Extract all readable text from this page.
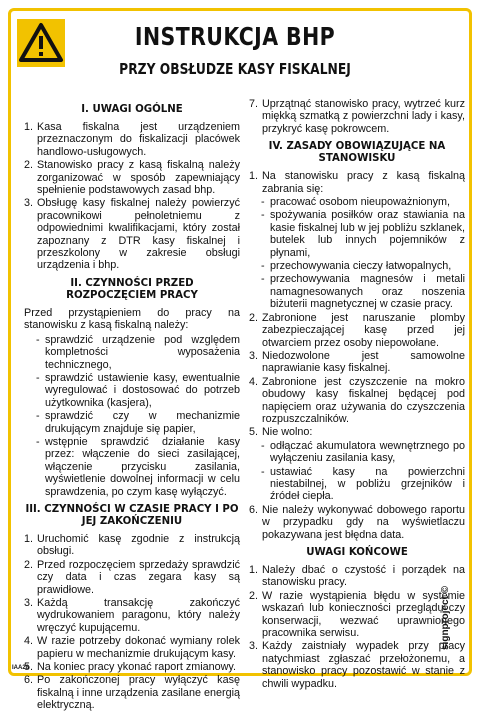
INSTRUKCJA BHP
PRZY OBSŁUDZE KASY FISKALNEJ
I. UWAGI OGÓLNE
1. Kasa fiskalna jest urządzeniem przeznaczonym do fiskalizacji placówek handlowo-usługowych.
2. Stanowisko pracy z kasą fiskalną należy zorganizować w sposób zapewniający spełnienie podstawowych zasad bhp.
3. Obsługę kasy fiskalnej należy powierzyć pracownikowi pełnoletniemu z odpowiednimi kwalifikacjami, który został zapoznany z DTR kasy fiskalnej i przeszkolony w zakresie obsługi urządzenia i bhp.
II. CZYNNOŚCI PRZED ROZPOCZĘCIEM PRACY
Przed przystąpieniem do pracy na stanowisku z kasą fiskalną należy:
- sprawdzić urządzenie pod względem kompletności wyposażenia technicznego,
- sprawdzić ustawienie kasy, ewentualnie wyregulować i dostosować do potrzeb użytkownika (kasjera),
- sprawdzić czy w mechanizmie drukującym znajduje się papier,
- wstępnie sprawdzić działanie kasy przez: włączenie do sieci zasilającej, włączenie przycisku zasilania, wyświetlenie dowolnej informacji w celu sprawdzenia, po czym kasę wyłączyć.
III. CZYNNOŚCI W CZASIE PRACY I PO JEJ ZAKOŃCZENIU
1. Uruchomić kasę zgodnie z instrukcją obsługi.
2. Przed rozpoczęciem sprzedaży sprawdzić czy data i czas zegara kasy są prawidłowe.
3. Każdą transakcję zakończyć wydrukowaniem paragonu, który należy wręczyć kupującemu.
4. W razie potrzeby dokonać wymiany rolek papieru w mechanizmie drukującym kasy.
5. Na koniec pracy ykonać raport zmianowy.
6. Po zakończonej pracy wyłączyć kasę fiskalną i inne urządzenia zasilane energią elektryczną.
7. Uprzątnąć stanowisko pracy, wytrzeć kurz miękką szmatką z powierzchni lady i kasy, przykryć kasę pokrowcem.
IV. ZASADY OBOWIĄZUJĄCE NA STANOWISKU
1. Na stanowisku pracy z kasą fiskalną zabrania się:
- pracować osobom nieupoważnionym,
- spożywania posiłków oraz stawiania na kasie fiskalnej lub w jej pobliżu szklanek, butelek lub innych pojemników z płynami,
- przechowywania cieczy łatwopalnych,
- przechowywania magnesów i metali namagnesowanych oraz noszenia biżuterii magnetycznej w czasie pracy.
2. Zabronione jest naruszanie plomby zabezpieczającej kasę przed jej otwarciem przez osoby niepowołane.
3. Niedozwolone jest samowolne naprawianie kasy fiskalnej.
4. Zabronione jest czyszczenie na mokro obudowy kasy fiskalnej będącej pod napięciem oraz używania do czyszczenia rozpuszczalników.
5. Nie wolno:
- odłączać akumulatora wewnętrznego po wyłączeniu zasilania kasy,
- ustawiać kasy na powierzchni niestabilnej, w pobliżu grzejników i źródeł ciepła.
6. Nie należy wykonywać dobowego raportu w przypadku gdy na wyświetlaczu pokazywana jest błędna data.
UWAGI KOŃCOWE
1. Należy dbać o czystość i porządek na stanowisku pracy.
2. W razie wystąpienia błędu w systemie wskazań lub konieczności przeglądu czy konserwacji, wezwać uprawnionego pracownika serwisu.
3. Każdy zaistniały wypadek przy pracy natychmiast zgłaszać przełożonemu, a stanowisko pracy pozostawić w stanie z chwili wypadku.
IAA28
signproject ©
